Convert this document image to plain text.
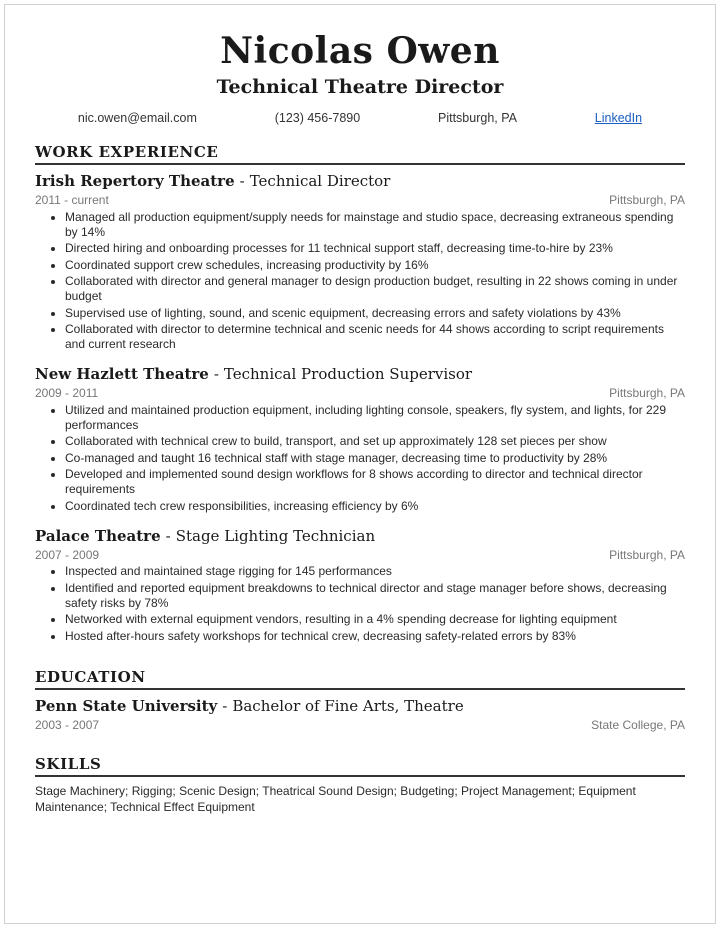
Nicolas Owen
Technical Theatre Director
nic.owen@email.com	(123) 456-7890	Pittsburgh, PA	LinkedIn
WORK EXPERIENCE
Irish Repertory Theatre - Technical Director
2011 - current	Pittsburgh, PA
• Managed all production equipment/supply needs for mainstage and studio space, decreasing extraneous spending by 14%
• Directed hiring and onboarding processes for 11 technical support staff, decreasing time-to-hire by 23%
• Coordinated support crew schedules, increasing productivity by 16%
• Collaborated with director and general manager to design production budget, resulting in 22 shows coming in under budget
• Supervised use of lighting, sound, and scenic equipment, decreasing errors and safety violations by 43%
• Collaborated with director to determine technical and scenic needs for 44 shows according to script requirements and current research
New Hazlett Theatre - Technical Production Supervisor
2009 - 2011	Pittsburgh, PA
• Utilized and maintained production equipment, including lighting console, speakers, fly system, and lights, for 229 performances
• Collaborated with technical crew to build, transport, and set up approximately 128 set pieces per show
• Co-managed and taught 16 technical staff with stage manager, decreasing time to productivity by 28%
• Developed and implemented sound design workflows for 8 shows according to director and technical director requirements
• Coordinated tech crew responsibilities, increasing efficiency by 6%
Palace Theatre - Stage Lighting Technician
2007 - 2009	Pittsburgh, PA
• Inspected and maintained stage rigging for 145 performances
• Identified and reported equipment breakdowns to technical director and stage manager before shows, decreasing safety risks by 78%
• Networked with external equipment vendors, resulting in a 4% spending decrease for lighting equipment
• Hosted after-hours safety workshops for technical crew, decreasing safety-related errors by 83%
EDUCATION
Penn State University - Bachelor of Fine Arts, Theatre
2003 - 2007	State College, PA
SKILLS
Stage Machinery; Rigging; Scenic Design; Theatrical Sound Design; Budgeting; Project Management; Equipment Maintenance; Technical Effect Equipment
